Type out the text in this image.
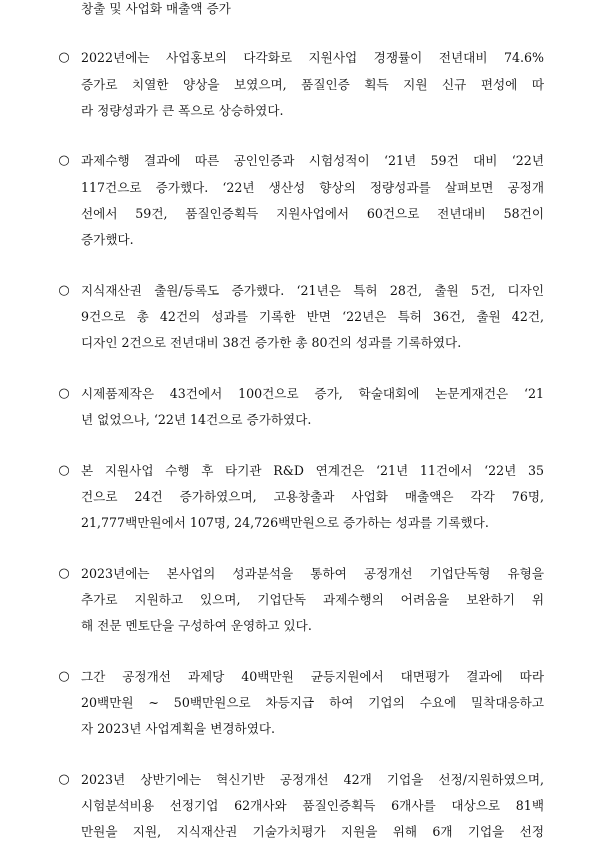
창출 및 사업화 매출액 증가
○ 2022년에는 사업홍보의 다각화로 지원사업 경쟁률이 전년대비 74.6%
증가로 치열한 양상을 보였으며, 품질인증 획득 지원 신규 편성에 따
라 정량성과가 큰 폭으로 상승하였다.
○ 과제수행 결과에 따른 공인인증과 시험성적이 ‘21년 59건 대비 ‘22년
117건으로 증가했다. ‘22년 생산성 향상의 정량성과를 살펴보면 공정개
선에서 59건, 품질인증획득 지원사업에서 60건으로 전년대비 58건이
증가했다.
○ 지식재산권 출원/등록도 증가했다. ‘21년은 특허 28건, 출원 5건, 디자인
9건으로 총 42건의 성과를 기록한 반면 ‘22년은 특허 36건, 출원 42건,
디자인 2건으로 전년대비 38건 증가한 총 80건의 성과를 기록하였다.
○ 시제품제작은 43건에서 100건으로 증가, 학술대회에 논문게재건은 ‘21
년 없었으나, ‘22년 14건으로 증가하였다.
○ 본 지원사업 수행 후 타기관 R&D 연계건은 ‘21년 11건에서 ‘22년 35
건으로 24건 증가하였으며, 고용창출과 사업화 매출액은 각각 76명,
21,777백만원에서 107명, 24,726백만원으로 증가하는 성과를 기록했다.
○ 2023년에는 본사업의 성과분석을 통하여 공정개선 기업단독형 유형을
추가로 지원하고 있으며, 기업단독 과제수행의 어려움을 보완하기 위
해 전문 멘토단을 구성하여 운영하고 있다.
○ 그간 공정개선 과제당 40백만원 균등지원에서 대면평가 결과에 따라
20백만원 ~ 50백만원으로 차등지급 하여 기업의 수요에 밀착대응하고
자 2023년 사업계획을 변경하였다.
○ 2023년 상반기에는 혁신기반 공정개선 42개 기업을 선정/지원하였으며,
시험분석비용 선정기업 62개사와 품질인증획득 6개사를 대상으로 81백
만원을 지원, 지식재산권 기술가치평가 지원을 위해 6개 기업을 선정
